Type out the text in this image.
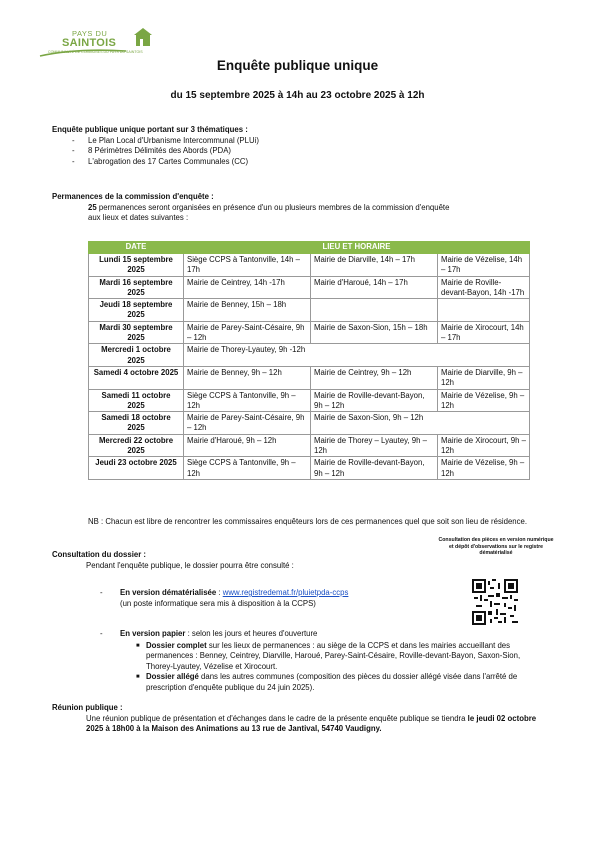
PAYS DU
SAINTOIS
COMMUNAUTÉ DE COMMUNES DU PAYS DU SAINTOIS
Enquête publique unique
du 15 septembre 2025 à 14h au 23 octobre 2025 à 12h
Enquête publique unique portant sur 3 thématiques :
- Le Plan Local d'Urbanisme Intercommunal (PLUi)
- 8 Périmètres Délimités des Abords (PDA)
- L'abrogation des 17 Cartes Communales (CC)
Permanences de la commission d'enquête :
25 permanences seront organisées en présence d'un ou plusieurs membres de la commission d'enquête
aux lieux et dates suivantes :
DATE	LIEU ET HORAIRE		
Lundi 15 septembre 2025	Siège CCPS à Tantonville, 14h – 17h	Mairie de Diarville, 14h – 17h	Mairie de Vézelise, 14h – 17h
Mardi 16 septembre 2025	Mairie de Ceintrey, 14h -17h	Mairie d'Haroué, 14h – 17h	Mairie de Roville-devant-Bayon, 14h -17h
Jeudi 18 septembre 2025	Mairie de Benney, 15h – 18h		
Mardi 30 septembre 2025	Mairie de Parey-Saint-Césaire, 9h – 12h	Mairie de Saxon-Sion, 15h – 18h	Mairie de Xirocourt, 14h – 17h
Mercredi 1 octobre 2025	Mairie de Thorey-Lyautey, 9h -12h		
Samedi 4 octobre 2025	Mairie de Benney, 9h – 12h	Mairie de Ceintrey, 9h – 12h	Mairie de Diarville, 9h – 12h
Samedi 11 octobre 2025	Siège CCPS à Tantonville, 9h – 12h	Mairie de Roville-devant-Bayon, 9h – 12h	Mairie de Vézelise, 9h – 12h
Samedi 18 octobre 2025	Mairie de Parey-Saint-Césaire, 9h – 12h	Mairie de Saxon-Sion, 9h – 12h	
Mercredi 22 octobre 2025	Mairie d'Haroué, 9h – 12h	Mairie de Thorey – Lyautey, 9h – 12h	Mairie de Xirocourt, 9h – 12h
Jeudi 23 octobre 2025	Siège CCPS à Tantonville, 9h – 12h	Mairie de Roville-devant-Bayon, 9h – 12h	Mairie de Vézelise, 9h – 12h
NB : Chacun est libre de rencontrer les commissaires enquêteurs lors de ces permanences quel que soit son lieu de résidence.
Consultation du dossier :
Pendant l'enquête publique, le dossier pourra être consulté :
Consultation des pièces en version numérique et dépôt d'observations sur le registre dématérialisé
- En version dématérialisée : www.registredemat.fr/pluietpda-ccps
(un poste informatique sera mis à disposition à la CCPS)
- En version papier : selon les jours et heures d'ouverture
■ Dossier complet sur les lieux de permanences : au siège de la CCPS et dans les mairies accueillant des permanences : Benney, Ceintrey, Diarville, Haroué, Parey-Saint-Césaire, Roville-devant-Bayon, Saxon-Sion, Thorey-Lyautey, Vézelise et Xirocourt.
■ Dossier allégé dans les autres communes (composition des pièces du dossier allégé visée dans l'arrêté de prescription d'enquête publique du 24 juin 2025).
Réunion publique :
Une réunion publique de présentation et d'échanges dans le cadre de la présente enquête publique se tiendra le jeudi 02 octobre 2025 à 18h00 à la Maison des Animations au 13 rue de Jantival, 54740 Vaudigny.
